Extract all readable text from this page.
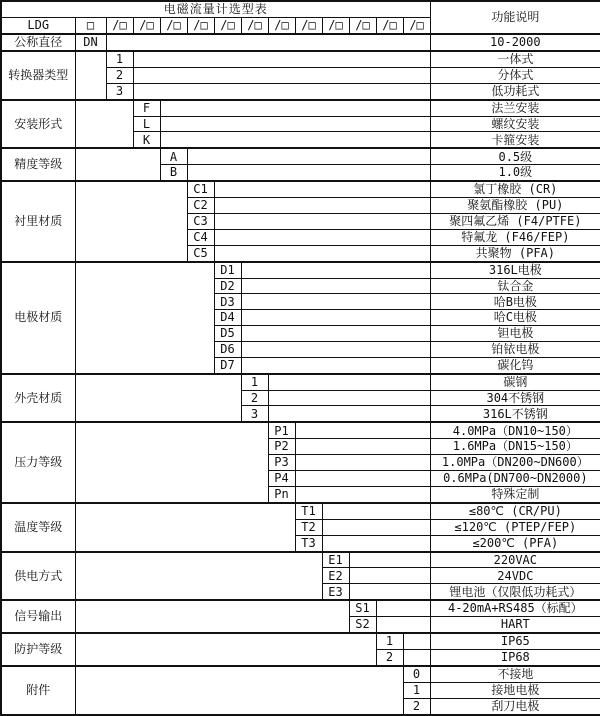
电磁流量计选型表														功能说明
LDG	□	/□	/□	/□	/□	/□	/□	/□	/□	/□	/□	/□	/□	
公称直径	DN													10-2000
转换器类型		1												一体式
		2												分体式
		3												低功耗式
安装形式			F											法兰安装
			L											螺纹安装
			K											卡箍安装
精度等级				A										0.5级
				B										1.0级
衬里材质					C1									氯丁橡胶 (CR)
					C2									聚氨酯橡胶 (PU)
					C3									聚四氟乙烯 (F4/PTFE)
					C4									特氟龙 (F46/FEP)
					C5									共聚物 (PFA)
电极材质						D1								316L电极
						D2								钛合金
						D3								哈B电极
						D4								哈C电极
						D5								钽电极
						D6								铂铱电极
						D7								碳化钨
外壳材质							1							碳钢
							2							304不锈钢
							3							316L不锈钢
压力等级								P1						4.0MPa（DN10~150）
								P2						1.6MPa（DN15~150）
								P3						1.0MPa（DN200~DN600）
								P4						0.6MPa(DN700~DN2000)
								Pn						特殊定制
温度等级									T1					≤80℃ (CR/PU)
									T2					≤120℃ (PTEP/FEP)
									T3					≤200℃ (PFA)
供电方式										E1				220VAC
										E2				24VDC
										E3				锂电池（仅限低功耗式）
信号输出											S1			4-20mA+RS485（标配）
											S2			HART
防护等级												1		IP65
												2		IP68
附件													0	不接地
													1	接地电极
													2	刮刀电极
